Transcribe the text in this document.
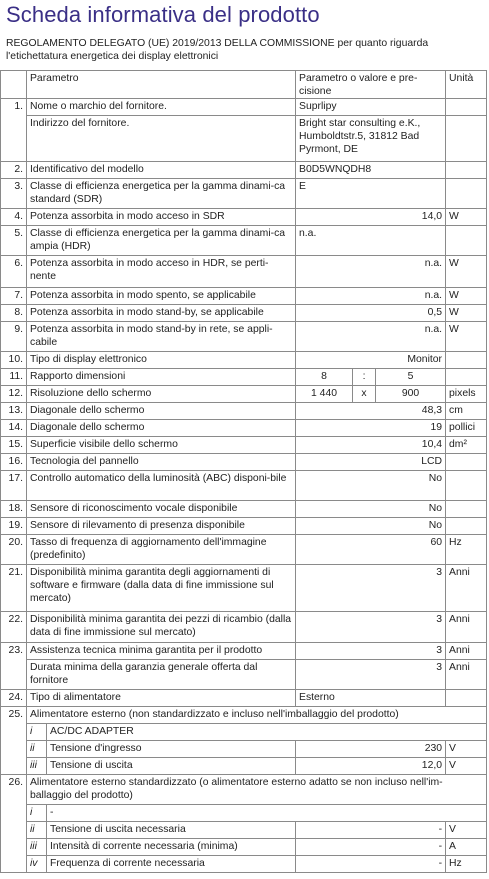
Scheda informativa del prodotto
REGOLAMENTO DELEGATO (UE) 2019/2013 DELLA COMMISSIONE per quanto riguarda l'etichettatura energetica dei display elettronici
	Parametro		Parametro o valore e pre-cisione			Unità
1.	Nome o marchio del fornitore.		Suprlipy			
	Indirizzo del fornitore.		Bright star consulting e.K., Humboldtstr.5, 31812 Bad Pyrmont, DE			
2.	Identificativo del modello		B0D5WNQDH8			
3.	Classe di efficienza energetica per la gamma dinami-ca standard (SDR)		E			
4.	Potenza assorbita in modo acceso in SDR		14,0			W
5.	Classe di efficienza energetica per la gamma dinami-ca ampia (HDR)		n.a.			
6.	Potenza assorbita in modo acceso in HDR, se perti-nente		n.a.			W
7.	Potenza assorbita in modo spento, se applicabile		n.a.			W
8.	Potenza assorbita in modo stand-by, se applicabile		0,5			W
9.	Potenza assorbita in modo stand-by in rete, se appli-cabile		n.a.			W
10.	Tipo di display elettronico		Monitor			
11.	Rapporto dimensioni		8	:	5	
12.	Risoluzione dello schermo		1 440	x	900	pixels
13.	Diagonale dello schermo		48,3			cm
14.	Diagonale dello schermo		19			pollici
15.	Superficie visibile dello schermo		10,4			dm²
16.	Tecnologia del pannello		LCD			
17.	Controllo automatico della luminosità (ABC) disponi-bile		No			
18.	Sensore di riconoscimento vocale disponibile		No			
19.	Sensore di rilevamento di presenza disponibile		No			
20.	Tasso di frequenza di aggiornamento dell'immagine (predefinito)		60			Hz
21.	Disponibilità minima garantita degli aggiornamenti di software e firmware (dalla data di fine immissione sul mercato)		3			Anni
22.	Disponibilità minima garantita dei pezzi di ricambio (dalla data di fine immissione sul mercato)		3			Anni
23.	Assistenza tecnica minima garantita per il prodotto		3			Anni
	Durata minima della garanzia generale offerta dal fornitore		3			Anni
24.	Tipo di alimentatore		Esterno			
25.	Alimentatore esterno (non standardizzato e incluso nell'imballaggio del prodotto)					
	i	AC/DC ADAPTER				
	ii	Tensione d'ingresso	230			V
	iii	Tensione di uscita	12,0			V
26.	Alimentatore esterno standardizzato (o alimentatore esterno adatto se non incluso nell'im-ballaggio del prodotto)					
	i	-				
	ii	Tensione di uscita necessaria	-			V
	iii	Intensità di corrente necessaria (minima)	-			A
	iv	Frequenza di corrente necessaria	-			Hz
